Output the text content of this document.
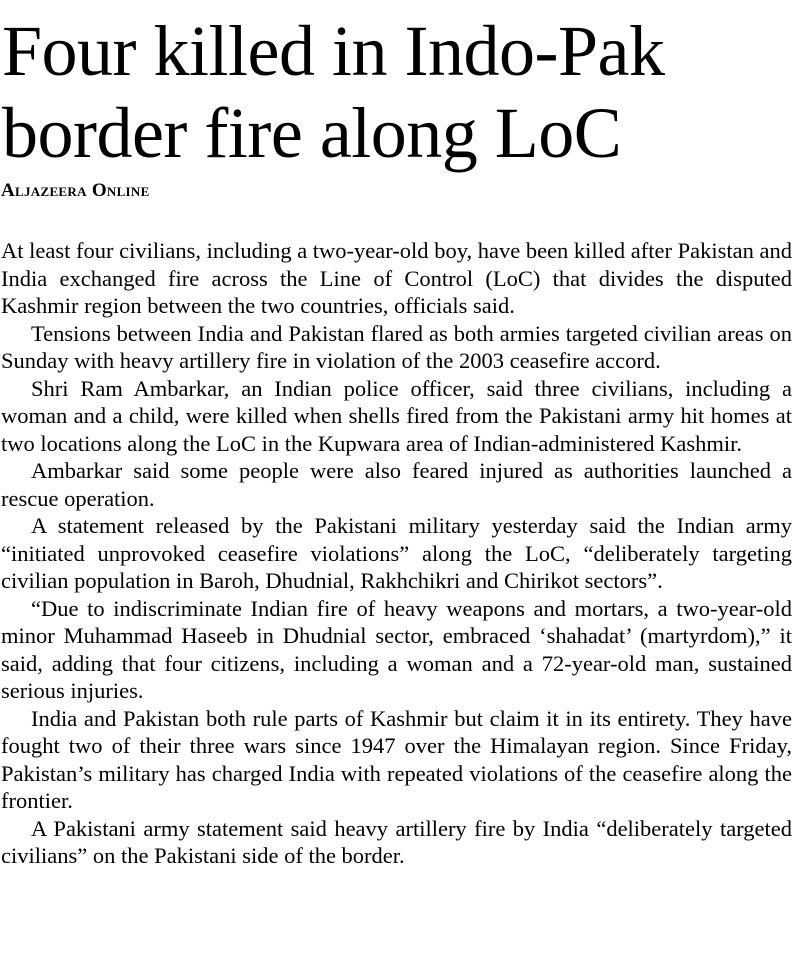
Four killed in Indo-Pak
border fire along LoC
Aljazeera Online

At least four civilians, including a two-year-old boy, have been killed after Pakistan and India exchanged fire across the Line of Control (LoC) that divides the disputed Kashmir region between the two countries, officials said.

Tensions between India and Pakistan flared as both armies targeted civilian areas on Sunday with heavy artillery fire in violation of the 2003 ceasefire accord.

Shri Ram Ambarkar, an Indian police officer, said three civilians, including a woman and a child, were killed when shells fired from the Pakistani army hit homes at two locations along the LoC in the Kupwara area of Indian-administered Kashmir.

Ambarkar said some people were also feared injured as authorities launched a rescue operation.

A statement released by the Pakistani military yesterday said the Indian army “initiated unprovoked ceasefire violations” along the LoC, “deliberately targeting civilian population in Baroh, Dhudnial, Rakhchikri and Chirikot sectors”.

“Due to indiscriminate Indian fire of heavy weapons and mortars, a two-year-old minor Muhammad Haseeb in Dhudnial sector, embraced ‘shahadat’ (martyrdom),” it said, adding that four citizens, including a woman and a 72-year-old man, sustained serious injuries.

India and Pakistan both rule parts of Kashmir but claim it in its entirety. They have fought two of their three wars since 1947 over the Himalayan region. Since Friday, Pakistan’s military has charged India with repeated violations of the ceasefire along the frontier.

A Pakistani army statement said heavy artillery fire by India “deliberately targeted civilians” on the Pakistani side of the border.
